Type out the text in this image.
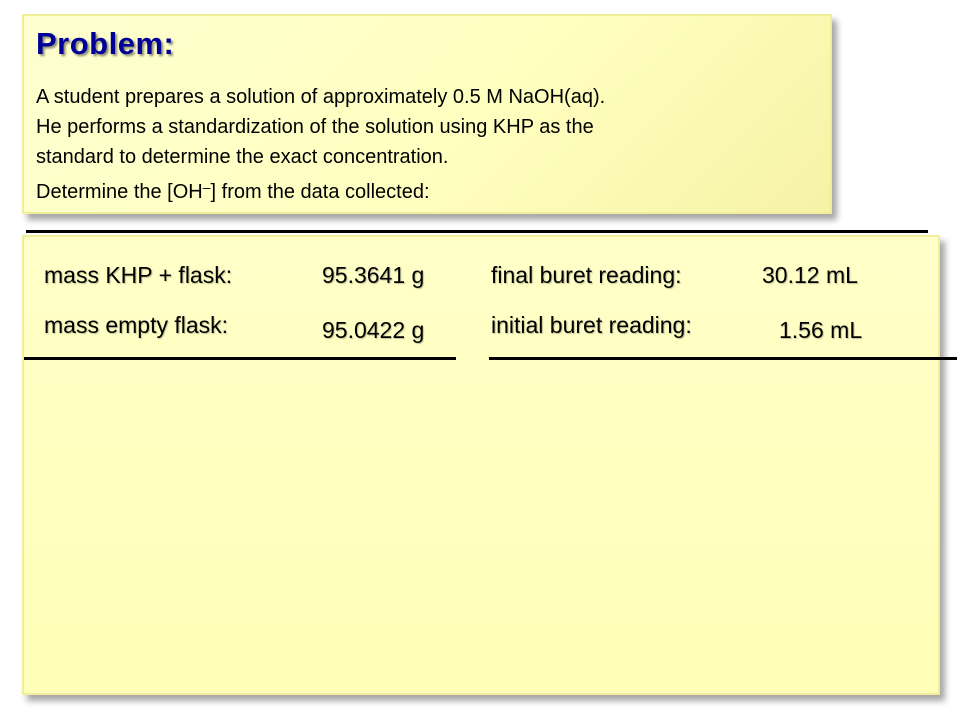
Problem:
A student prepares a solution of approximately 0.5 M NaOH(aq).
He performs a standardization of the solution using KHP as the
standard to determine the exact concentration.
Determine the [OH–] from the data collected:
mass KHP + flask:	95.3641 g
mass empty flask:	95.0422 g
final buret reading:	30.12 mL
initial buret reading:	1.56 mL
